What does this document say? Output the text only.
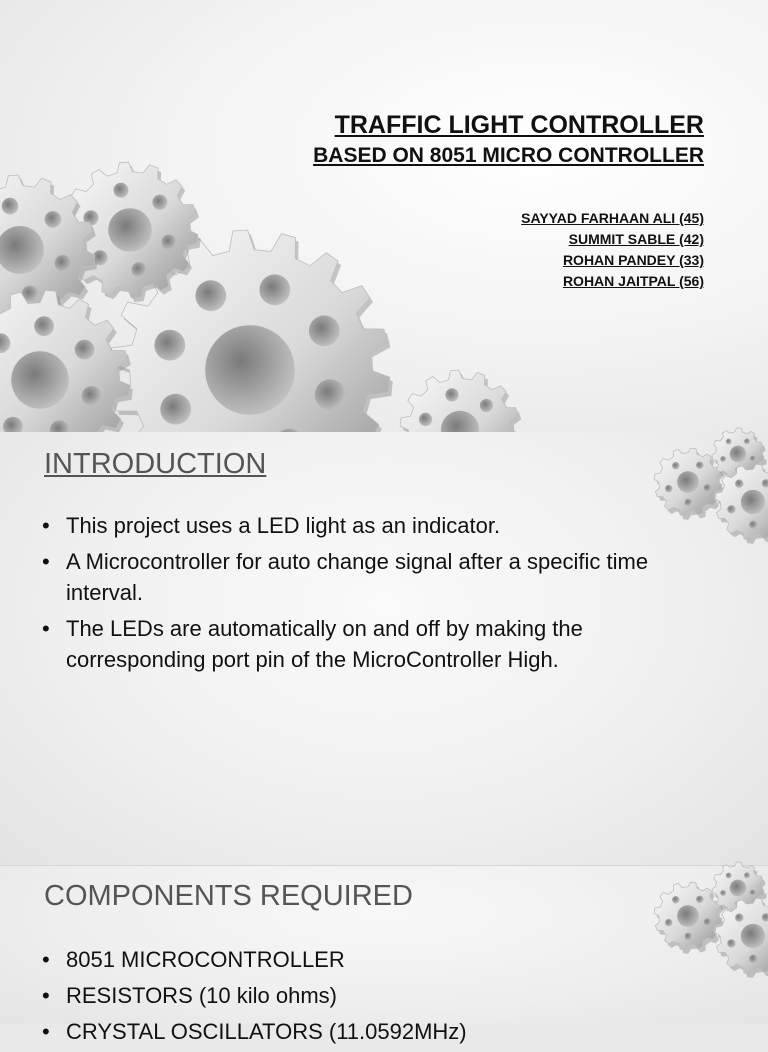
TRAFFIC LIGHT CONTROLLER
BASED ON 8051 MICRO CONTROLLER
SAYYAD FARHAAN ALI (45)
SUMMIT SABLE (42)
ROHAN PANDEY (33)
ROHAN JAITPAL (56)
INTRODUCTION
• This project uses a LED light as an indicator.
• A Microcontroller for auto change signal after a specific time interval.
• The LEDs are automatically on and off by making the corresponding port pin of the MicroController High.
COMPONENTS REQUIRED
• 8051 MICROCONTROLLER
• RESISTORS (10 kilo ohms)
• CRYSTAL OSCILLATORS (11.0592MHz)
